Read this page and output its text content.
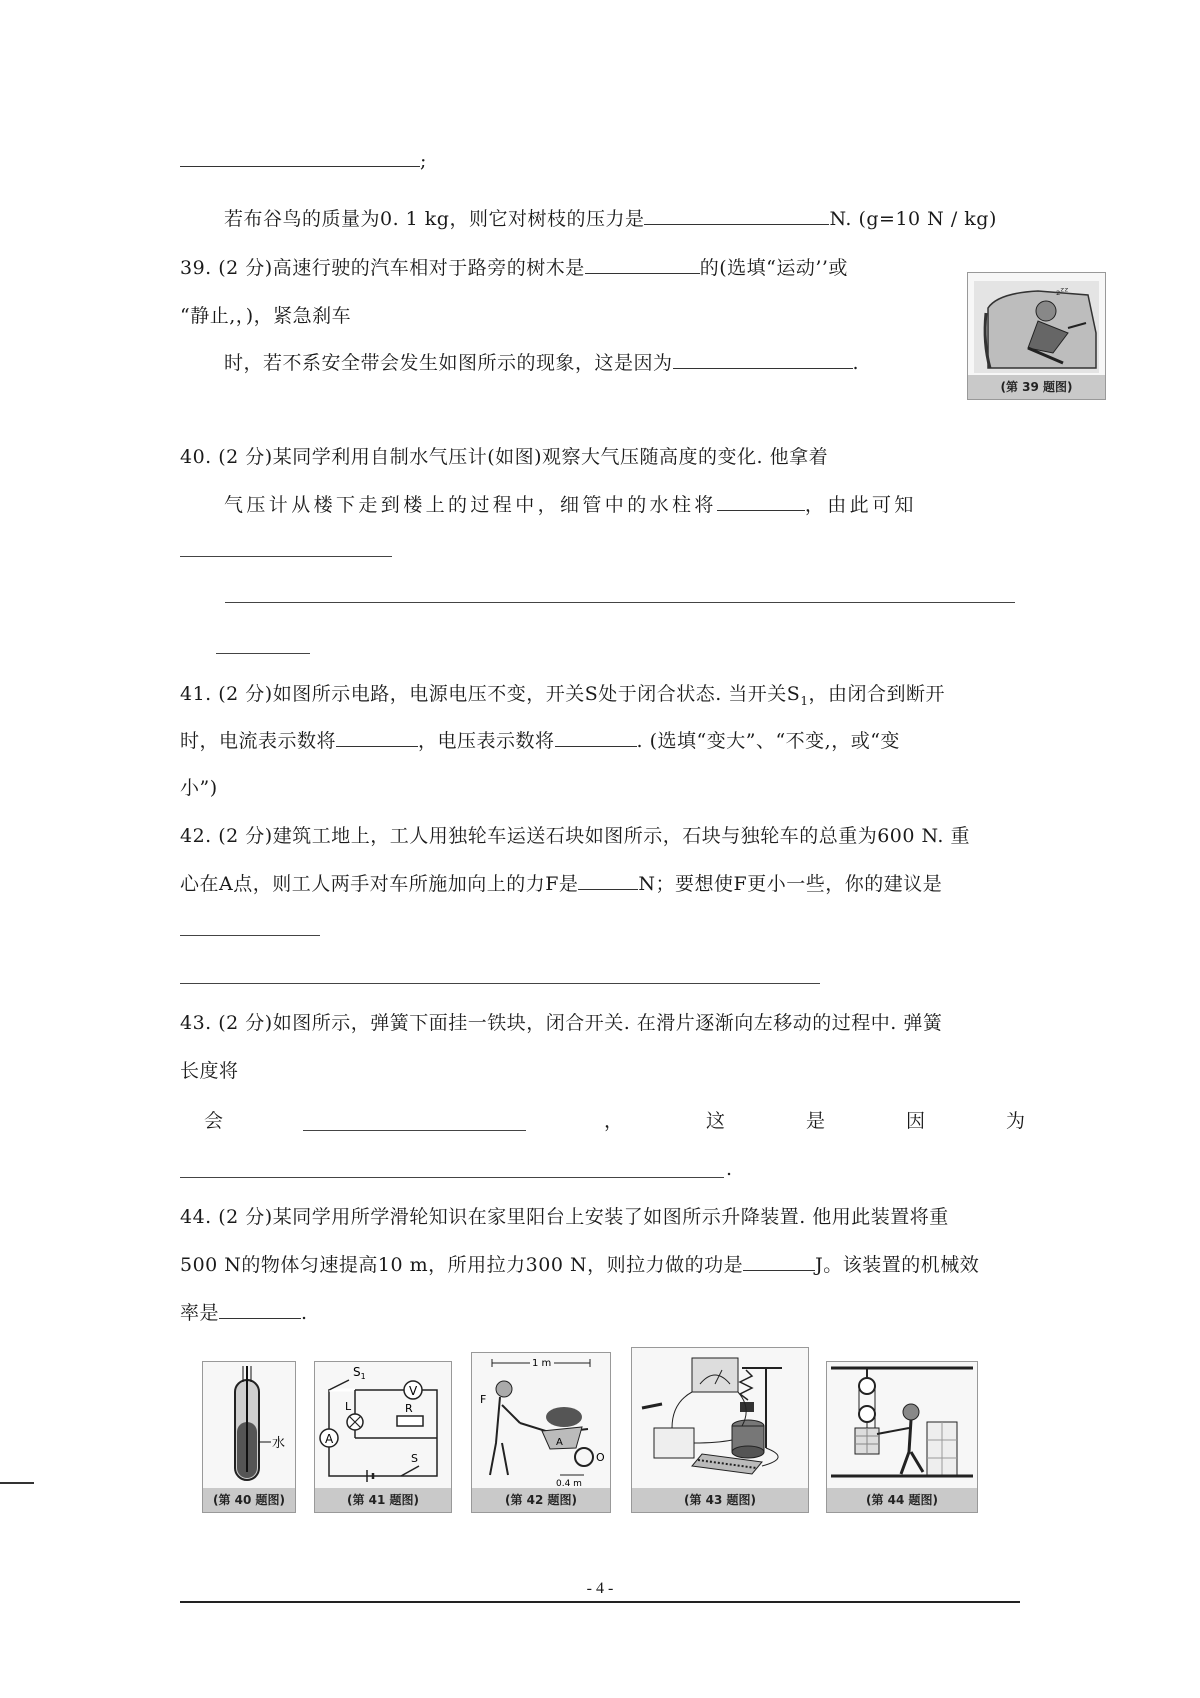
;
若布谷鸟的质量为0. 1 kg，则它对树枝的压力是	N. (g=10 N / kg)
39. (2 分)高速行驶的汽车相对于路旁的树木是	的(选填“运动’’或
“静止,，)，紧急刹车
时，若不系安全带会发生如图所示的现象，这是因为	.
₂ᶻᶻ
(第 39 题图)
40. (2 分)某同学利用自制水气压计(如图)观察大气压随高度的变化. 他拿着
气压计从楼下走到楼上的过程中，细管中的水柱将	，由此可知
41. (2 分)如图所示电路，电源电压不变，开关S处于闭合状态. 当开关$S_1$，由闭合到断开
时，电流表示数将	，电压表示数将	. (选填“变大”、“不变,，或“变
小”)
42. (2 分)建筑工地上，工人用独轮车运送石块如图所示，石块与独轮车的总重为600 N. 重
心在A点，则工人两手对车所施加向上的力F是	N；要想使F更小一些，你的建议是
43. (2 分)如图所示，弹簧下面挂一铁块，闭合开关. 在滑片逐渐向左移动的过程中. 弹簧
长度将
会	，	这	是	因	为
.
44. (2 分)某同学用所学滑轮知识在家里阳台上安装了如图所示升降装置. 他用此装置将重
500 N的物体匀速提高10 m，所用拉力300 N，则拉力做的功是	J。该装置的机械效
率是	.
水
(第 40 题图)
$S_1$
V
L	R
A
S
(第 41 题图)
1 m
F
A
O
0.4 m
(第 42 题图)	(第 43 题图)	(第 44 题图)
- 4 -
